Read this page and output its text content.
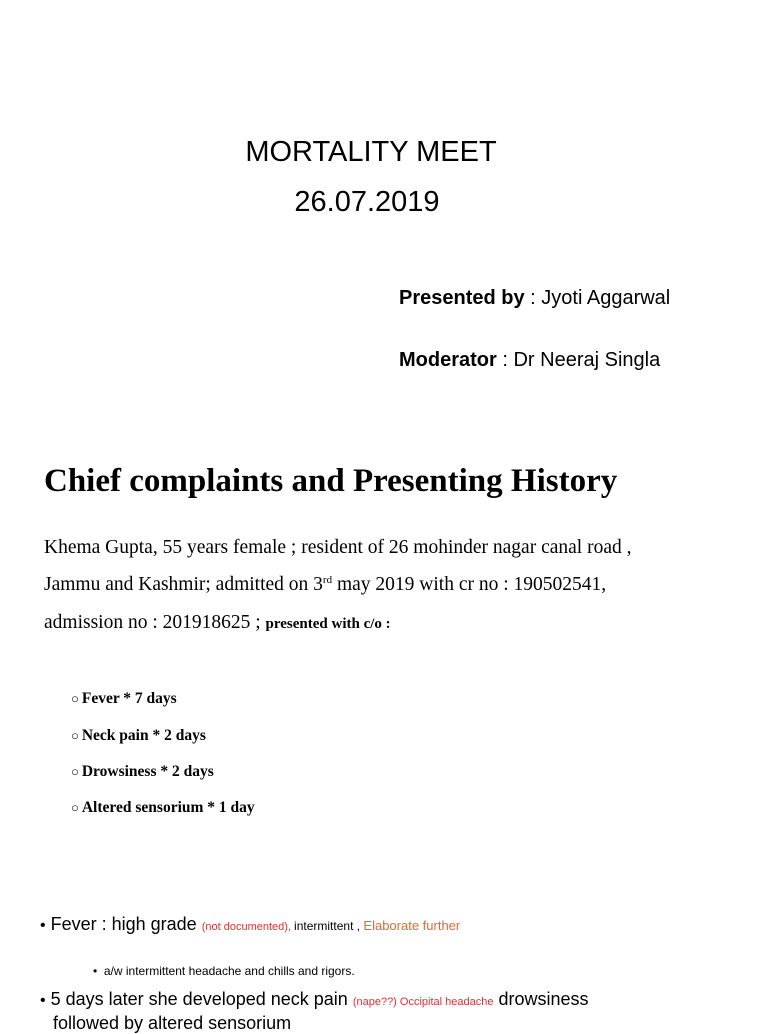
MORTALITY MEET
26.07.2019
Presented by : Jyoti Aggarwal
Moderator : Dr Neeraj Singla
Chief complaints and Presenting History
Khema Gupta, 55 years female ; resident of 26 mohinder nagar canal road ,
Jammu and Kashmir; admitted on 3rd may 2019 with cr no : 190502541,
admission no : 201918625 ; presented with c/o :
○ Fever * 7 days
○ Neck pain * 2 days
○ Drowsiness * 2 days
○ Altered sensorium * 1 day
• Fever : high grade (not documented), intermittent , Elaborate further
•  a/w intermittent headache and chills and rigors.
• 5 days later she developed neck pain (nape??) Occipital headache drowsiness
followed by altered sensorium
